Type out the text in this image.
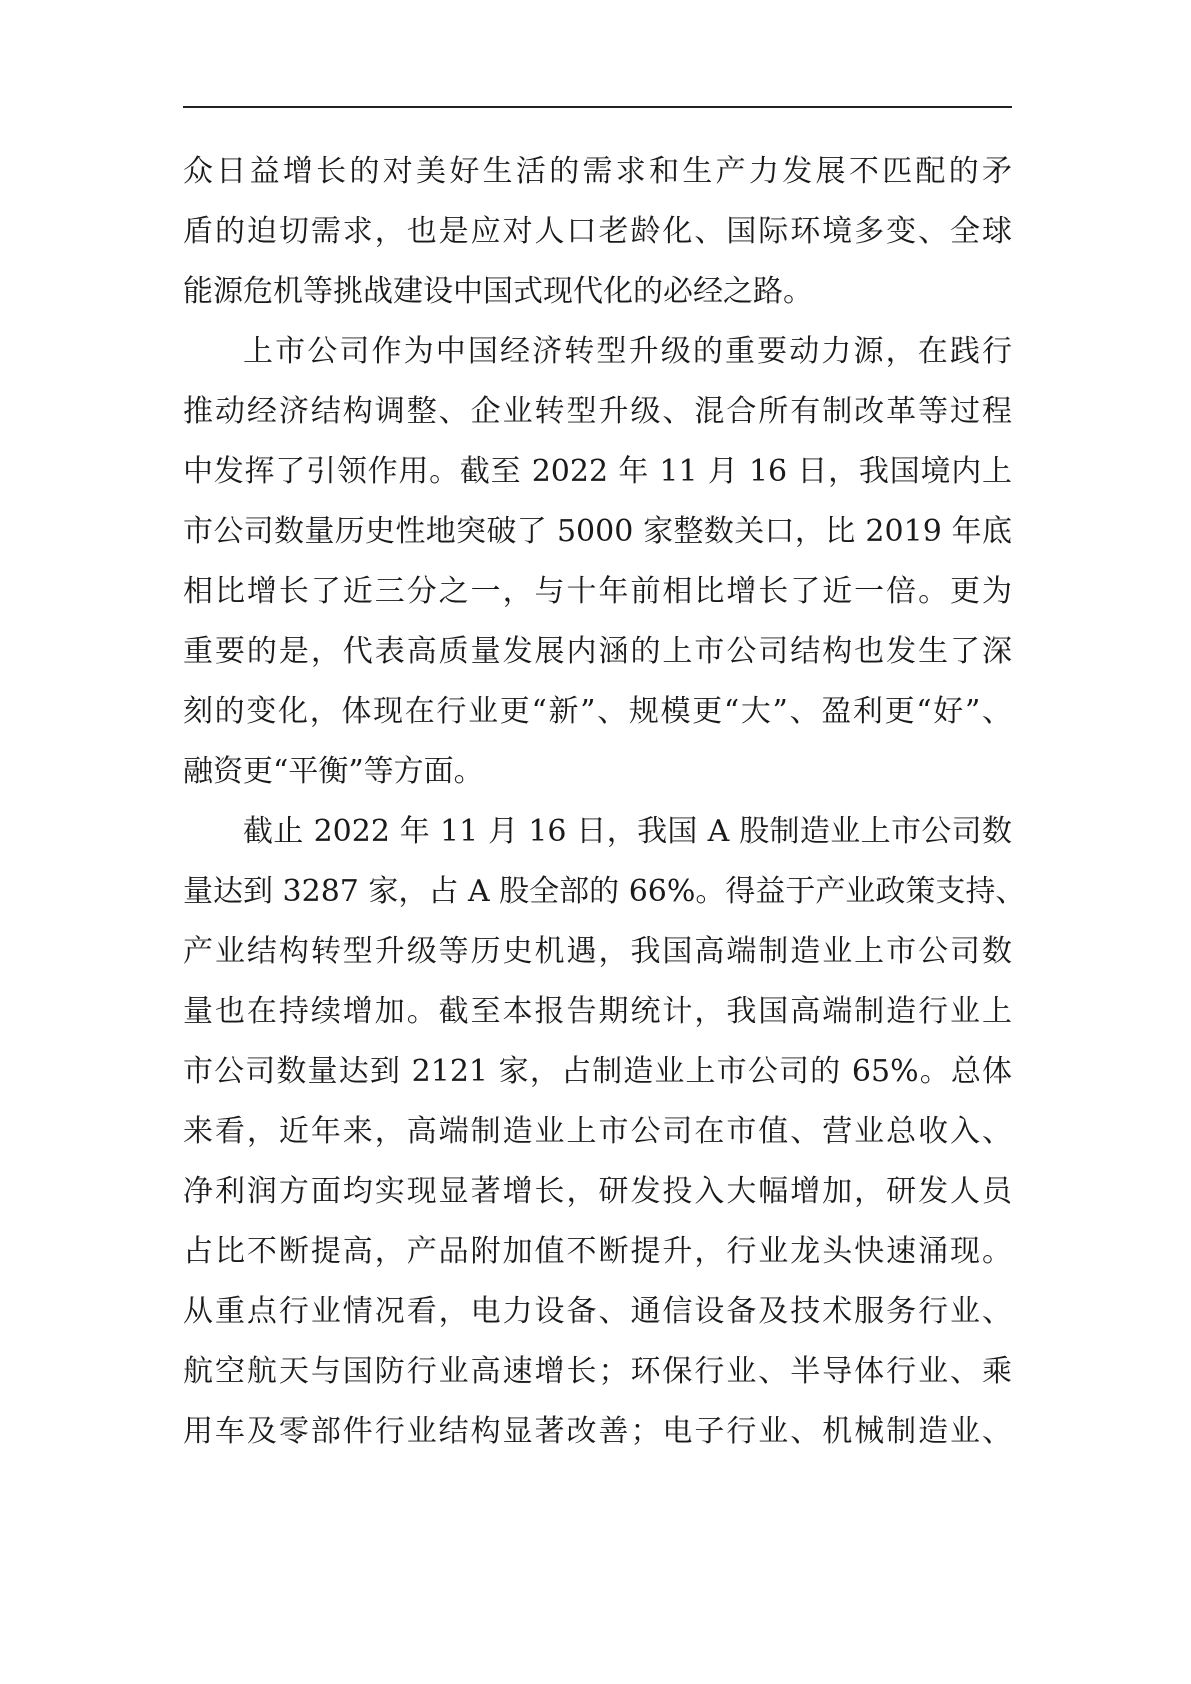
众日益增长的对美好生活的需求和生产力发展不匹配的矛
盾的迫切需求，也是应对人口老龄化、国际环境多变、全球
能源危机等挑战建设中国式现代化的必经之路。
上市公司作为中国经济转型升级的重要动力源，在践行
推动经济结构调整、企业转型升级、混合所有制改革等过程
中发挥了引领作用。截至 2022 年 11 月 16 日，我国境内上
市公司数量历史性地突破了 5000 家整数关口，比 2019 年底
相比增长了近三分之一，与十年前相比增长了近一倍。更为
重要的是，代表高质量发展内涵的上市公司结构也发生了深
刻的变化，体现在行业更“新”、规模更“大”、盈利更“好”、
融资更“平衡”等方面。
截止 2022 年 11 月 16 日，我国 A 股制造业上市公司数
量达到 3287 家，占 A 股全部的 66%。得益于产业政策支持、
产业结构转型升级等历史机遇，我国高端制造业上市公司数
量也在持续增加。截至本报告期统计，我国高端制造行业上
市公司数量达到 2121 家，占制造业上市公司的 65%。总体
来看，近年来，高端制造业上市公司在市值、营业总收入、
净利润方面均实现显著增长，研发投入大幅增加，研发人员
占比不断提高，产品附加值不断提升，行业龙头快速涌现。
从重点行业情况看，电力设备、通信设备及技术服务行业、
航空航天与国防行业高速增长；环保行业、半导体行业、乘
用车及零部件行业结构显著改善；电子行业、机械制造业、
